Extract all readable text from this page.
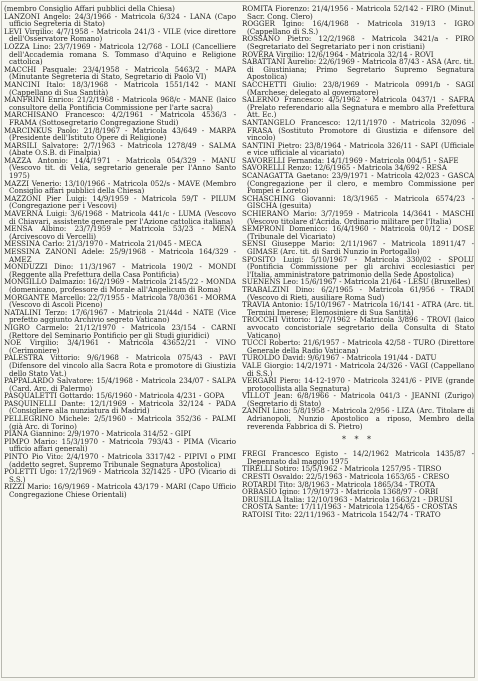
(membro Consiglio Affari pubblici della Chiesa)

LANZONI Angelo: 24/3/1966 - Matricola 6/324 - LANA (Capo ufficio Segreteria di Stato)

LEVI Virgilio: 4/7/1958 - Matricola 241/3 - VILE (vice direttore dell'Osservatore Romano)

LOZZA Lino: 23/7/1969 - Matricola 12/768 - LOLI (Cancelliere dell'Accademia romana S. Tommaso d'Aquino e Religione cattolica)

MACCHI Pasquale: 23/4/1958 - Matricola 5463/2 - MAPA (Minutante Segreteria di Stato, Segretario di Paolo VI)

MANCINI Italo: 18/3/1968 - Matricola 1551/142 - MANI (Cappellano di Sua Santità)

MANFRINI Enrico: 21/2/1968 - Matricola 968/c - MANE (laico consultore della Pontificia Commissione per l'arte sacra)

MARCHISANO Francesco: 4/2/1961 - Matricola 4536/3 - FRAMA (Sottosegretario Congregazione Studi)

MARCINKUS Paolo: 21/8/1967 - Matricola 43/649 - MARPA (Presidente dell'Istituto Opere di Religione)

MARSILI Salvatore: 2/7/1963 - Matricola 1278/49 - SALMA (Abate O.S.B. di Finalpia)

MAZZA Antonio: 14/4/1971 - Matricola 054/329 - MANU (Vescovo tit. di Velia, segretario generale per l'Anno Santo 1975)

MAZZI Venerio: 13/10/1966 - Matricola 052/s - MAVE (Membro Consiglio affari pubblici della Chiesa)

MAZZONI Pier Luigi: 14/9/1959 - Matricola 59/T - PILUM (Congregazione per i Vescovi)

MAVERNA Luigi: 3/6/1968 - Matricola 441/c - LUMA (Vescovo di Chiavari, assistente generale per l'Azione cattolica italiana)

MENSA Albino: 23/7/1959 - Matricola 53/23 - MENA (Arcivescovo di Vercelli)

MESSINA Carlo: 21/3/1970 - Matricola 21/045 - MECA

MESSINA ZANONI Adele: 25/9/1968 - Matricola 164/329 - AMEZ

MONDUZZI Dino: 11/3/1967 - Matricola 190/2 - MONDI (Reggente alla Prefettura della Casa Pontificia)

MONGILLO Dalmazio: 16/2/1969 - Matricola 2145/22 - MONDA (domenicano, professore di Morale all'Angelicum di Roma)

MORGANTE Marcello: 22/7/1955 - Matricola 78/0361 - MORMA (Vescovo di Ascoli Piceno)

NATALINI Terzo: 17/6/1967 - Matricola 21/44d - NATE (Vice prefetto aggiunto Archivio segreto Vaticano)

NIGRO Carmelo: 21/12/1970 - Matricola 23/154 - CARNI (Rettore del Seminario Pontificio per gli Studi giuridici)

NOE Virgilio: 3/4/1961 - Matricola 43652/21 - VINO (Cerimoniere)

PALESTRA Vittorio: 9/6/1968 - Matricola 075/43 - PAVI (Difensore del vincolo alla Sacra Rota e promotore di Giustizia dello Stato Vat.)

PAPPALARDO Salvatore: 15/4/1968 - Matricola 234/07 - SALPA (Card. Arc. di Palermo)

PASQUALETTI Gottardo: 15/6/1960 - Matricola 4/231 - GOPA

PASQUINELLI Dante: 12/1/1969 - Matricola 32/124 - PADA (Consigliere alla nunziatura di Madrid)

PELLEGRINO Michele: 2/5/1960 - Matricola 352/36 - PALMI (già Arc. di Torino)

PIANA Giannino: 2/9/1970 - Matricola 314/52 - GIPI

PIMPO Mario: 15/3/1970 - Matricola 793/43 - PIMA (Vicario ufficio affari generali)

PINTO Pio Vito: 2/4/1970 - Matricola 3317/42 - PIPIVI o PIMI (addetto segret. Supremo Tribunale Segnatura Apostolica)

POLETTI Ugo: 17/2/1969 - Matricola 32/1425 - UPO (Vicario di S.S.)

RIZZI Mario: 16/9/1969 - Matricola 43/179 - MARI (Capo Ufficio Congregazione Chiese Orientali)

ROMITA Fiorenzo: 21/4/1956 - Matricola 52/142 - FIRO (Minut. Sacr. Cong. Clero)

ROGGER Igino: 16/4/1968 - Matricola 319/13 - IGRO (Cappellano di S.S.)

ROSSANO Pietro: 12/2/1968 - Matricola 3421/a - PIRO (Segretariato del Segretariato per i non cristiani)

ROVERA Virgilio: 12/6/1964 - Matricola 32/14 - ROVI

SABATTANI Aurelio: 22/6/1969 - Matricola 87/43 - ASA (Arc. tit. di Giustiniana; Primo Segretario Supremo Segnatura Apostolica)

SACCHETTI Giulio: 23/8/1969 - Matricola 0991/b - SAGI (Marchese; delegato al governatore)

SALERNO Francesco: 4/5/1962 - Matricola 0437/1 - SAFRA (Prelato referendario alla Segnatura e membro alla Prefettura Att. Ec.)

SANTANGELO Francesco: 12/11/1970 - Matricola 32/096 - FRASA (Sostituto Promotore di Giustizia e difensore del vincolo)

SANTINI Pietro: 23/8/1964 - Matricola 326/11 - SAPI (Ufficiale e vice ufficiale al vicariato)

SAVORELLI Fernanda: 14/1/1969 - Matricola 004/51 - SAFE

SAVORELLI Renzo: 12/6/1965 - Matricola 34/692 - RESA

SCANAGATTA Gaetano: 23/9/1971 - Matricola 42/023 - GASCA (Congregazione per il clero, e membro Commissione per Pompei e Loreto)

SCHASCHING Giovanni: 18/3/1965 - Matricola 6574/23 - GISCHA (gesuita)

SCHIERANO Mario: 3/7/1959 - Matricola 14/3641 - MASCHI (Vescovo titolare d'Acrida. Ordinario militare per l'Italia)

SEMPRONI Domenico: 16/4/1960 - Matricola 00/12 - DOSE (Tribunale del Vicariato)

SENSI Giuseppe Mario: 2/11/1967 - Matricola 18911/47 - GIMASE (Arc. tit. di Sardi Nunzio in Portogallo)

SPOSITO Luigi: 5/10/1967 - Matricola 330/02 - SPOLU (Pontificia Commissione per gli archivi ecclesiastici per l'Italia, amministratore patrimonio della Sede Apostolica)

SUENENS Leo: 15/6/1967 - Matricola 21/64 - LESU (Bruxelles)

TRABALZINI Dino: 6/2/1965 - Matricola 61/956 - TRADI (Vescovo di Rieti, ausiliare Roma Sud)

TRAVIA Antonio: 15/10/1967 - Matricola 16/141 - ATRA (Arc. tit. Termini Imerese; Elemosiniere di Sua Santità)

TROCCHI Vittorio: 12/7/1962 - Matricola 3/896 - TROVI (laico avvocato concistoriale segretario della Consulta di Stato Vaticano)

TUCCI Roberto: 21/6/1957 - Matricola 42/58 - TURO (Direttore Generale della Radio Vaticana)

TUROLDO David: 9/6/1967 - Matricola 191/44 - DATU

VALE Giorgio: 14/2/1971 - Matricola 24/326 - VAGI (Cappellano di S.S.)

VERGARI Piero: 14-12-1970 - Matricola 3241/6 - PIVE (grande protocollista alla Segnatura)

VILLOT Jean: 6/8/1966 - Matricola 041/3 - JEANNI (Zurigo) (Segretario di Stato)

ZANINI Lino: 5/8/1958 - Matricola 2/956 - LIZA (Arc. Titolare di Adrianopoli, Nunzio Apostolico a riposo, Membro della reverenda Fabbrica di S. Pietro)

* * *

FREGI Francesco Egisto - 14/2/1962 Matricola 1435/87 - Depennato dal maggio 1975

TIRELLI Sotiro: 15/5/1962 - Matricola 1257/95 - TIRSO

CRESTI Osvaldo: 22/5/1963 - Matricola 1653/65 - CRESO

ROTARDI Tito: 3/8/1963 - Matricola 1865/34 - TROTA

ORBASIO Igino: 17/9/1973 - Matricola 1368/97 - ORBI

DRUSILLA Italia: 12/10/1963 - Matricola 1663/21 - DRUSI

CROSTA Sante: 17/11/1963 - Matricola 1254/65 - CROSTAS

RATOISI Tito: 22/11/1963 - Matricola 1542/74 - TRATO
